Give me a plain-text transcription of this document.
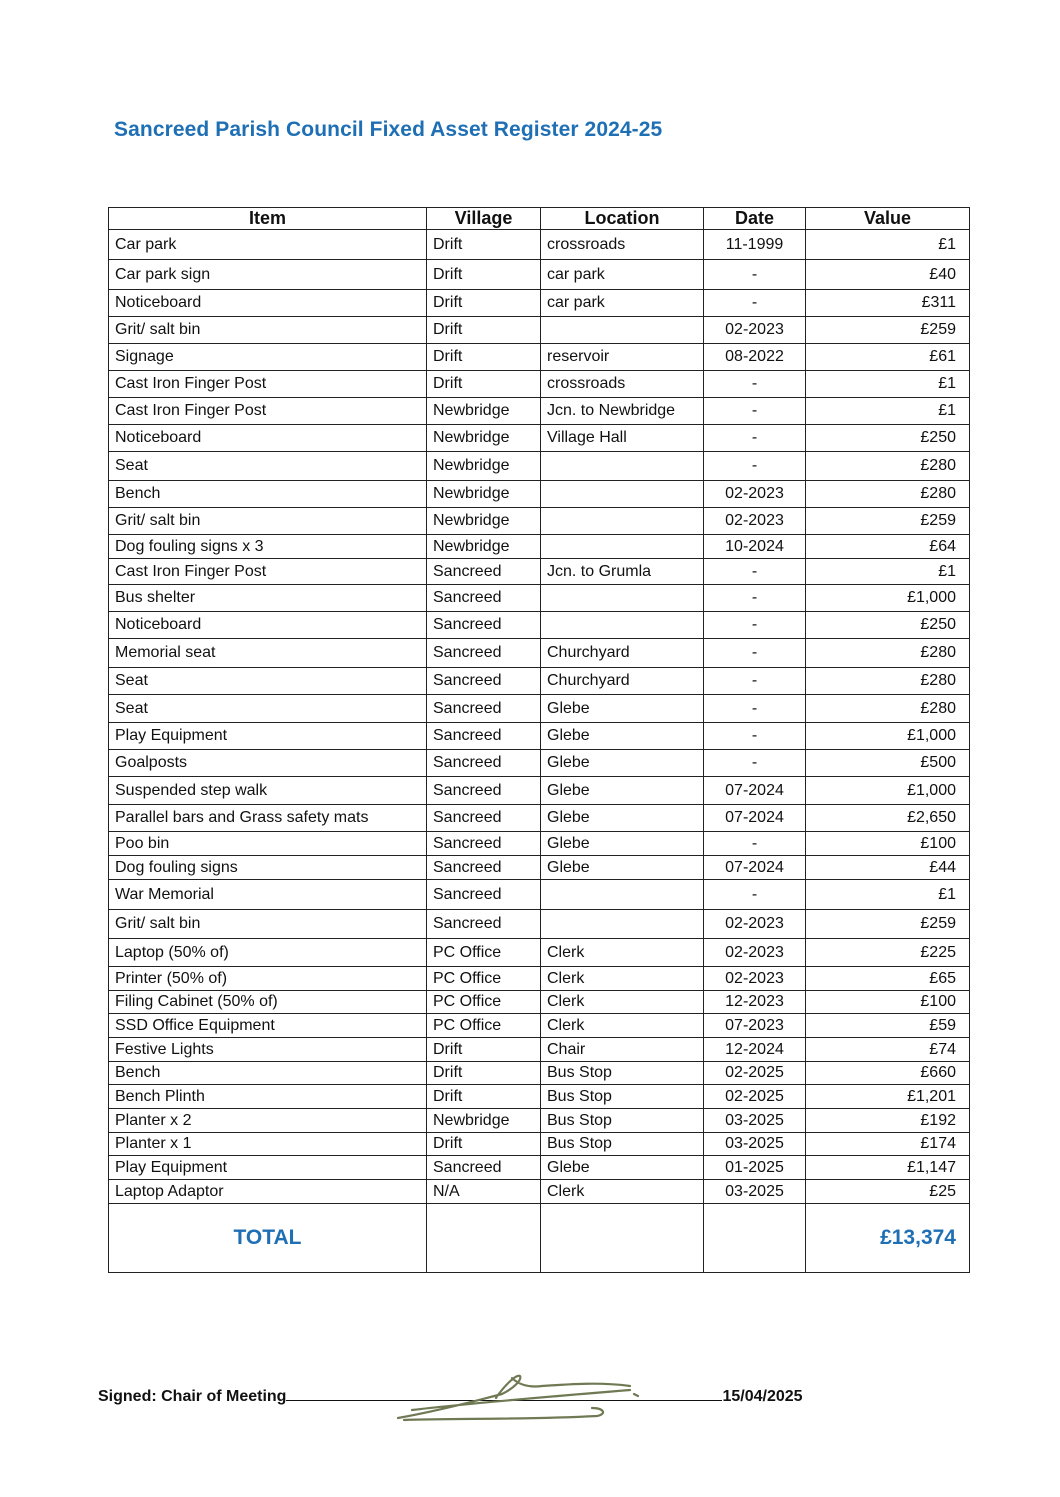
Sancreed Parish Council Fixed Asset Register 2024-25
Item	Village	Location	Date	Value
Car park	Drift	crossroads	11-1999	£1
Car park sign	Drift	car park	-	£40
Noticeboard	Drift	car park	-	£311
Grit/ salt bin	Drift		02-2023	£259
Signage	Drift	reservoir	08-2022	£61
Cast Iron Finger Post	Drift	crossroads	-	£1
Cast Iron Finger Post	Newbridge	Jcn. to Newbridge	-	£1
Noticeboard	Newbridge	Village Hall	-	£250
Seat	Newbridge		-	£280
Bench	Newbridge		02-2023	£280
Grit/ salt bin	Newbridge		02-2023	£259
Dog fouling signs x 3	Newbridge		10-2024	£64
Cast Iron Finger Post	Sancreed	Jcn. to Grumla	-	£1
Bus shelter	Sancreed		-	£1,000
Noticeboard	Sancreed		-	£250
Memorial seat	Sancreed	Churchyard	-	£280
Seat	Sancreed	Churchyard	-	£280
Seat	Sancreed	Glebe	-	£280
Play Equipment	Sancreed	Glebe	-	£1,000
Goalposts	Sancreed	Glebe	-	£500
Suspended step walk	Sancreed	Glebe	07-2024	£1,000
Parallel bars and Grass safety mats	Sancreed	Glebe	07-2024	£2,650
Poo bin	Sancreed	Glebe	-	£100
Dog fouling signs	Sancreed	Glebe	07-2024	£44
War Memorial	Sancreed		-	£1
Grit/ salt bin	Sancreed		02-2023	£259
Laptop (50% of)	PC Office	Clerk	02-2023	£225
Printer (50% of)	PC Office	Clerk	02-2023	£65
Filing Cabinet (50% of)	PC Office	Clerk	12-2023	£100
SSD Office Equipment	PC Office	Clerk	07-2023	£59
Festive Lights	Drift	Chair	12-2024	£74
Bench	Drift	Bus Stop	02-2025	£660
Bench Plinth	Drift	Bus Stop	02-2025	£1,201
Planter x 2	Newbridge	Bus Stop	03-2025	£192
Planter x 1	Drift	Bus Stop	03-2025	£174
Play Equipment	Sancreed	Glebe	01-2025	£1,147
Laptop Adaptor	N/A	Clerk	03-2025	£25
TOTAL				£13,374
Signed: Chair of Meeting	15/04/2025
